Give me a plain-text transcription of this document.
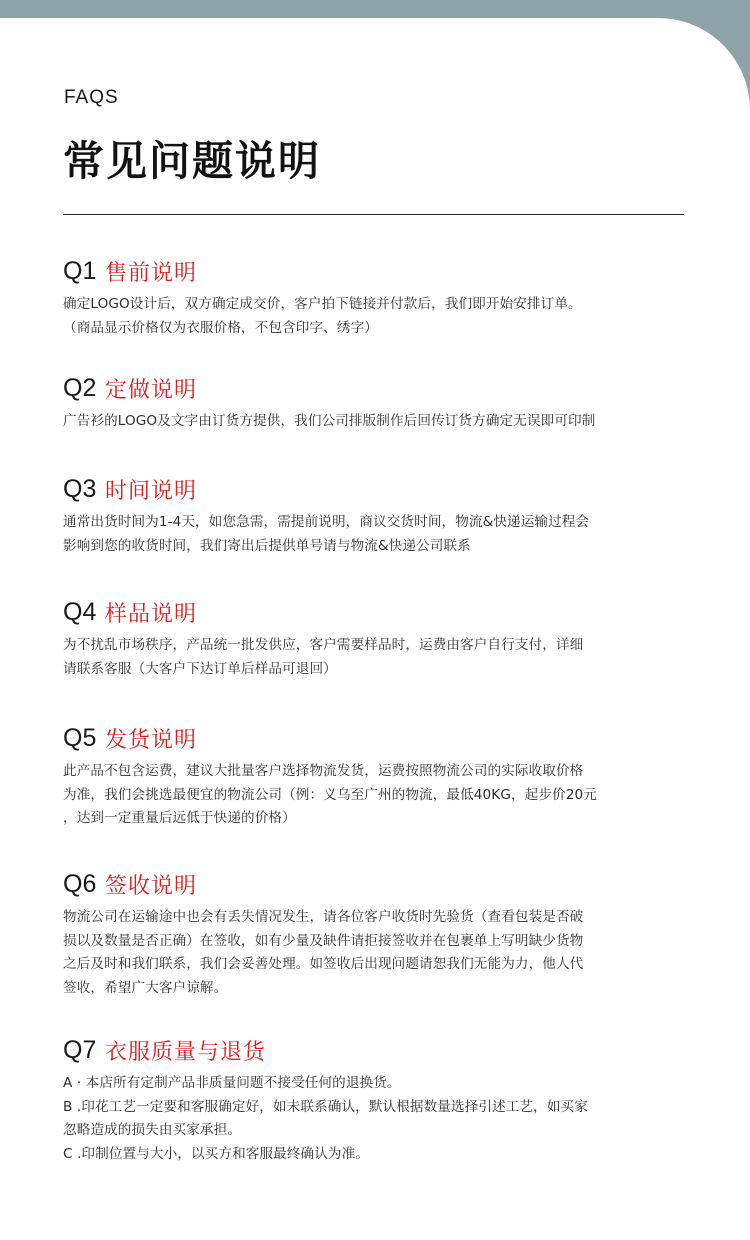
FAQS
常见问题说明
Q1 售前说明
确定LOGO设计后，双方确定成交价，客户拍下链接并付款后，我们即开始安排订单。
（商品显示价格仅为衣服价格，不包含印字、绣字）
Q2 定做说明
广告衫的LOGO及文字由订货方提供，我们公司排版制作后回传订货方确定无误即可印制
Q3 时间说明
通常出货时间为1-4天，如您急需，需提前说明，商议交货时间，物流&快递运输过程会
影响到您的收货时间，我们寄出后提供单号请与物流&快递公司联系
Q4 样品说明
为不扰乱市场秩序，产品统一批发供应，客户需要样品时，运费由客户自行支付，详细
请联系客服（大客户下达订单后样品可退回）
Q5 发货说明
此产品不包含运费，建议大批量客户选择物流发货，运费按照物流公司的实际收取价格
为准，我们会挑选最便宜的物流公司（例：义乌至广州的物流，最低40KG，起步价20元
，达到一定重量后远低于快递的价格）
Q6 签收说明
物流公司在运输途中也会有丢失情况发生，请各位客户收货时先验货（查看包装是否破
损以及数量是否正确）在签收，如有少量及缺件请拒接签收并在包裹单上写明缺少货物
之后及时和我们联系，我们会妥善处理。如签收后出现问题请恕我们无能为力，他人代
签收，希望广大客户谅解。
Q7 衣服质量与退货
A · 本店所有定制产品非质量问题不接受任何的退换货。
B .印花工艺一定要和客服确定好，如未联系确认，默认根据数量选择引述工艺，如买家
忽略造成的损失由买家承担。
C .印制位置与大小，以买方和客服最终确认为准。
